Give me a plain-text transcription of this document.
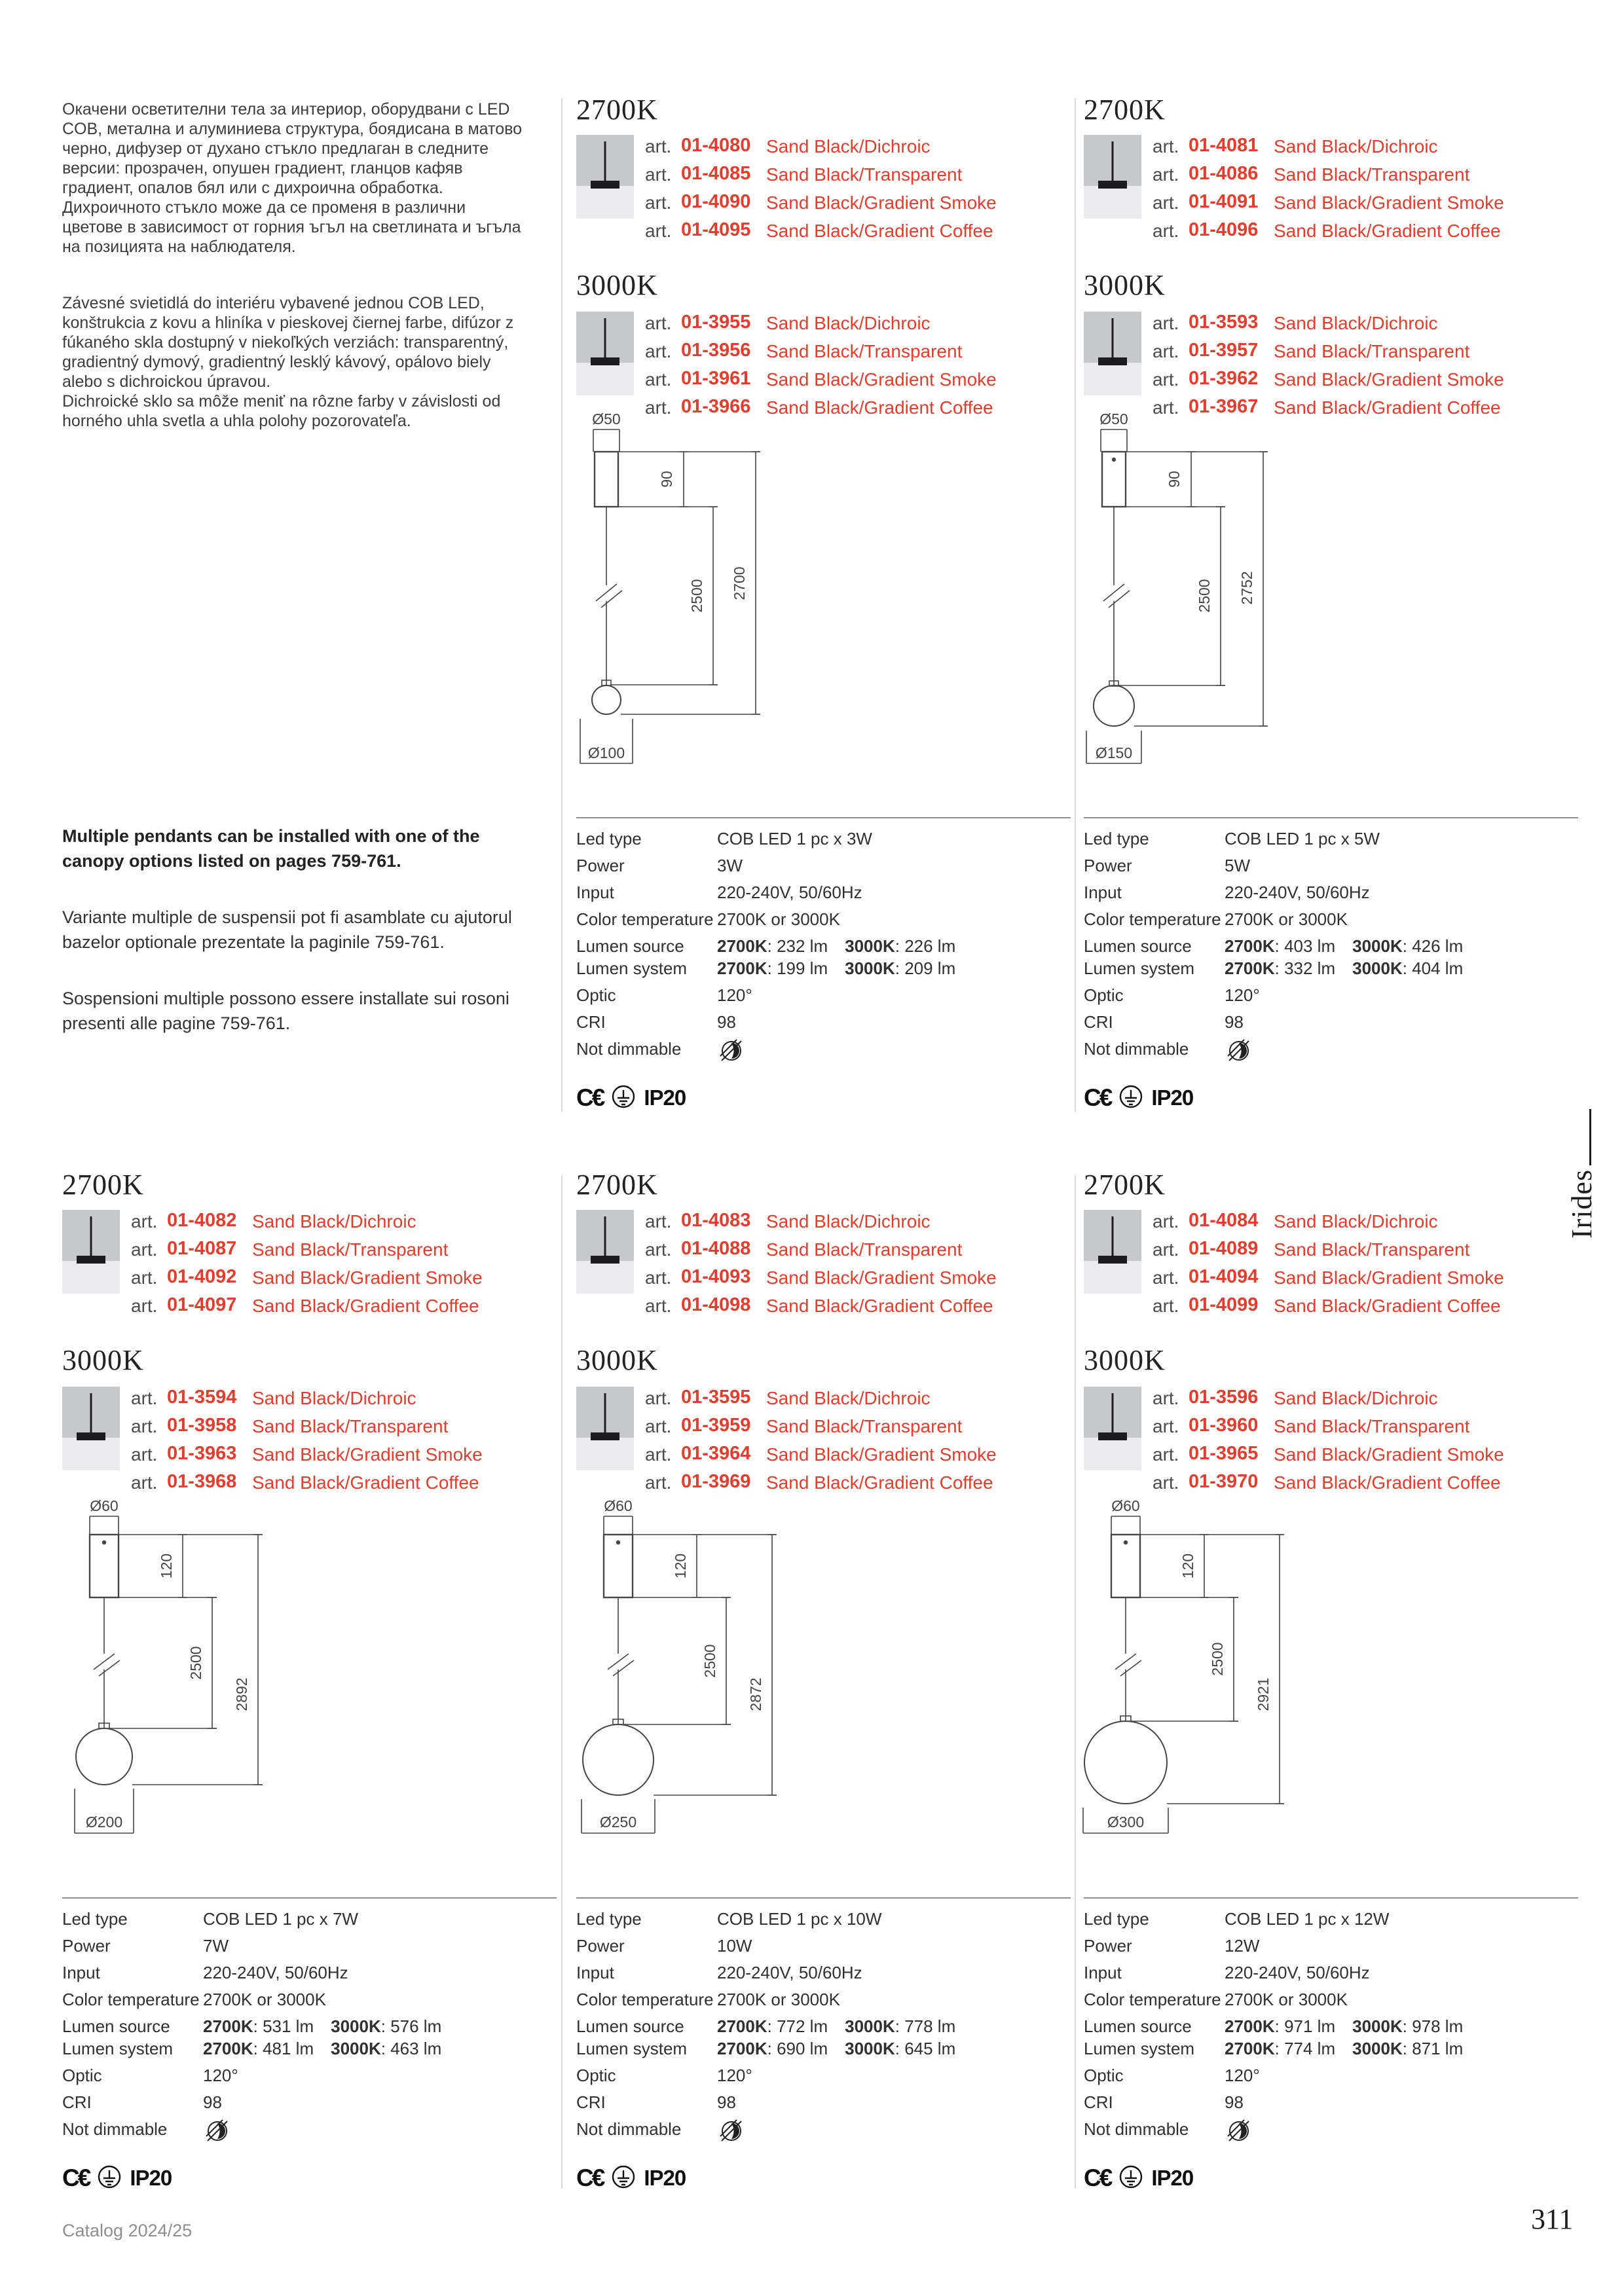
Окачени осветителни тела за интериор, оборудвани с LED COB, метална и алуминиева структура, боядисана в матово черно, дифузер от духано стъкло предлаган в следните версии: прозрачен, опушен градиент, гланцов кафяв градиент, опалов бял или с дихроична обработка. Дихроичното стъкло може да се променя в различни цветове в зависимост от горния ъгъл на светлината и ъгъла на позицията на наблюдателя.
Závesné svietidlá do interiéru vybavené jednou COB LED, konštrukcia z kovu a hliníka v pieskovej čiernej farbe, difúzor z fúkaného skla dostupný v niekoľkých verziách: transparentný, gradientný dymový, gradientný lesklý kávový, opálovo biely alebo s dichroickou úpravou.
Dichroické sklo sa môže meniť na rôzne farby v závislosti od horného uhla svetla a uhla polohy pozorovateľa.
Multiple pendants can be installed with one of the canopy options listed on pages 759-761.
Variante multiple de suspensii pot fi asamblate cu ajutorul bazelor optionale prezentate la paginile 759-761.
Sospensioni multiple possono essere installate sui rosoni presenti alle pagine 759-761.
2700K
art. 01-4080 Sand Black/Dichroic
art. 01-4085 Sand Black/Transparent
art. 01-4090 Sand Black/Gradient Smoke
art. 01-4095 Sand Black/Gradient Coffee
3000K
art. 01-3955 Sand Black/Dichroic
art. 01-3956 Sand Black/Transparent
art. 01-3961 Sand Black/Gradient Smoke
art. 01-3966 Sand Black/Gradient Coffee
Ø50
90
2500 2700
Ø100
Led type	COB LED 1 pc x 3W
Power	3W
Input	220-240V, 50/60Hz
Color temperature 2700K or 3000K
Lumen source 2700K: 232 lm 3000K: 226 lm
Lumen system 2700K: 199 lm 3000K: 209 lm
Optic	120°
CRI	98
Not dimmable
C€ IP20
2700K
art. 01-4081 Sand Black/Dichroic
art. 01-4086 Sand Black/Transparent
art. 01-4091 Sand Black/Gradient Smoke
art. 01-4096 Sand Black/Gradient Coffee
3000K
art. 01-3593 Sand Black/Dichroic
art. 01-3957 Sand Black/Transparent
art. 01-3962 Sand Black/Gradient Smoke
art. 01-3967 Sand Black/Gradient Coffee
Ø50
90
2500 2752
Ø150
Led type	COB LED 1 pc x 5W
Power	5W
Input	220-240V, 50/60Hz
Color temperature 2700K or 3000K
Lumen source 2700K: 403 lm 3000K: 426 lm
Lumen system 2700K: 332 lm 3000K: 404 lm
Optic	120°
CRI	98
Not dimmable
C€ IP20
2700K
art. 01-4082 Sand Black/Dichroic
art. 01-4087 Sand Black/Transparent
art. 01-4092 Sand Black/Gradient Smoke
art. 01-4097 Sand Black/Gradient Coffee
3000K
art. 01-3594 Sand Black/Dichroic
art. 01-3958 Sand Black/Transparent
art. 01-3963 Sand Black/Gradient Smoke
art. 01-3968 Sand Black/Gradient Coffee
Ø60
120
2500
2892
Ø200
Led type	COB LED 1 pc x 7W
Power	7W
Input	220-240V, 50/60Hz
Color temperature 2700K or 3000K
Lumen source 2700K: 531 lm 3000K: 576 lm
Lumen system 2700K: 481 lm 3000K: 463 lm
Optic	120°
CRI	98
Not dimmable
C€ IP20
2700K
art. 01-4083 Sand Black/Dichroic
art. 01-4088 Sand Black/Transparent
art. 01-4093 Sand Black/Gradient Smoke
art. 01-4098 Sand Black/Gradient Coffee
3000K
art. 01-3595 Sand Black/Dichroic
art. 01-3959 Sand Black/Transparent
art. 01-3964 Sand Black/Gradient Smoke
art. 01-3969 Sand Black/Gradient Coffee
Ø60
120
2500
2872
Ø250
Led type	COB LED 1 pc x 10W
Power	10W
Input	220-240V, 50/60Hz
Color temperature 2700K or 3000K
Lumen source 2700K: 772 lm 3000K: 778 lm
Lumen system 2700K: 690 lm 3000K: 645 lm
Optic	120°
CRI	98
Not dimmable
C€ IP20
2700K
art. 01-4084 Sand Black/Dichroic
art. 01-4089 Sand Black/Transparent
art. 01-4094 Sand Black/Gradient Smoke
art. 01-4099 Sand Black/Gradient Coffee
3000K
art. 01-3596 Sand Black/Dichroic
art. 01-3960 Sand Black/Transparent
art. 01-3965 Sand Black/Gradient Smoke
art. 01-3970 Sand Black/Gradient Coffee
Ø60
120
2500
2921
Ø300
Led type	COB LED 1 pc x 12W
Power	12W
Input	220-240V, 50/60Hz
Color temperature 2700K or 3000K
Lumen source 2700K: 971 lm 3000K: 978 lm
Lumen system 2700K: 774 lm 3000K: 871 lm
Optic	120°
CRI	98
Not dimmable
C€ IP20
Irides
Catalog 2024/25	311
